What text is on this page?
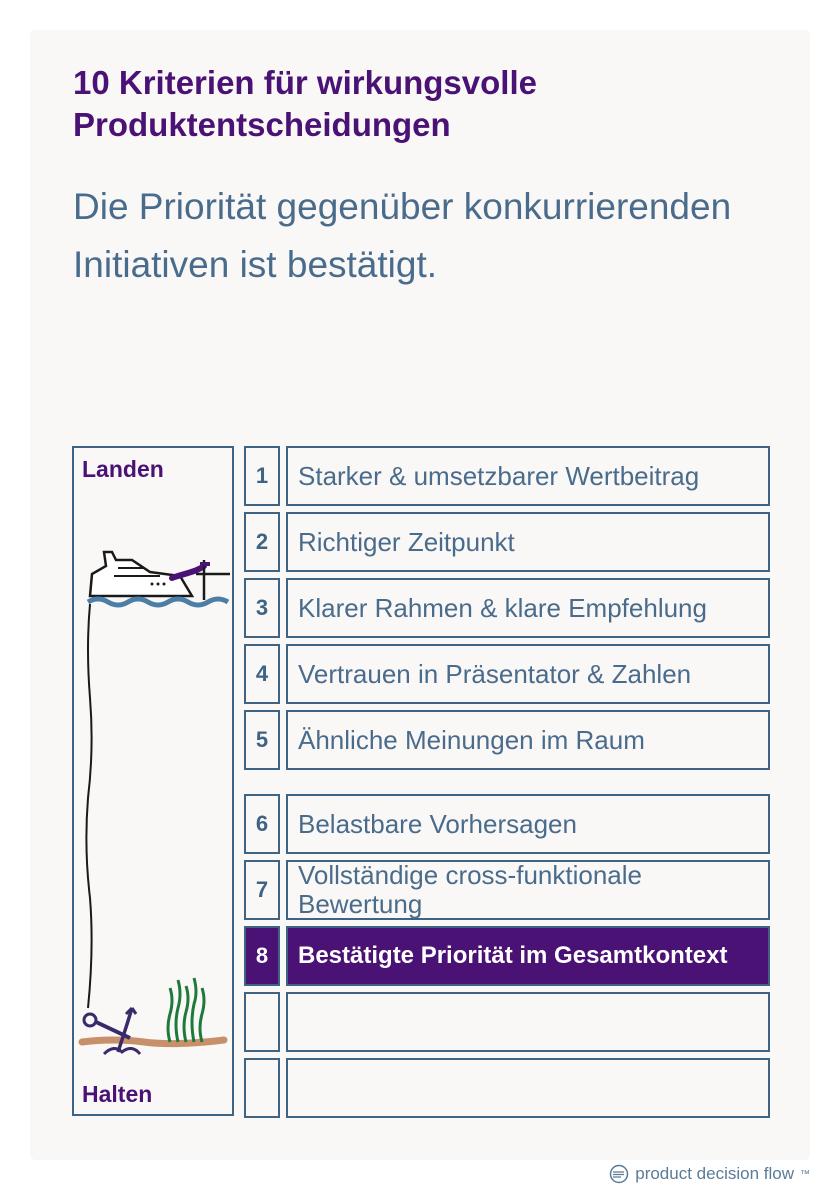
10 Kriterien für wirkungsvolle Produktentscheidungen
Die Priorität gegenüber konkurrierenden Initiativen ist bestätigt.
Landen
Halten
1	Starker & umsetzbarer Wertbeitrag
2	Richtiger Zeitpunkt
3	Klarer Rahmen & klare Empfehlung
4	Vertrauen in Präsentator & Zahlen
5	Ähnliche Meinungen im Raum
6	Belastbare Vorhersagen
7	Vollständige cross-funktionale Bewertung
8	Bestätigte Priorität im Gesamtkontext
product decision flow ™
